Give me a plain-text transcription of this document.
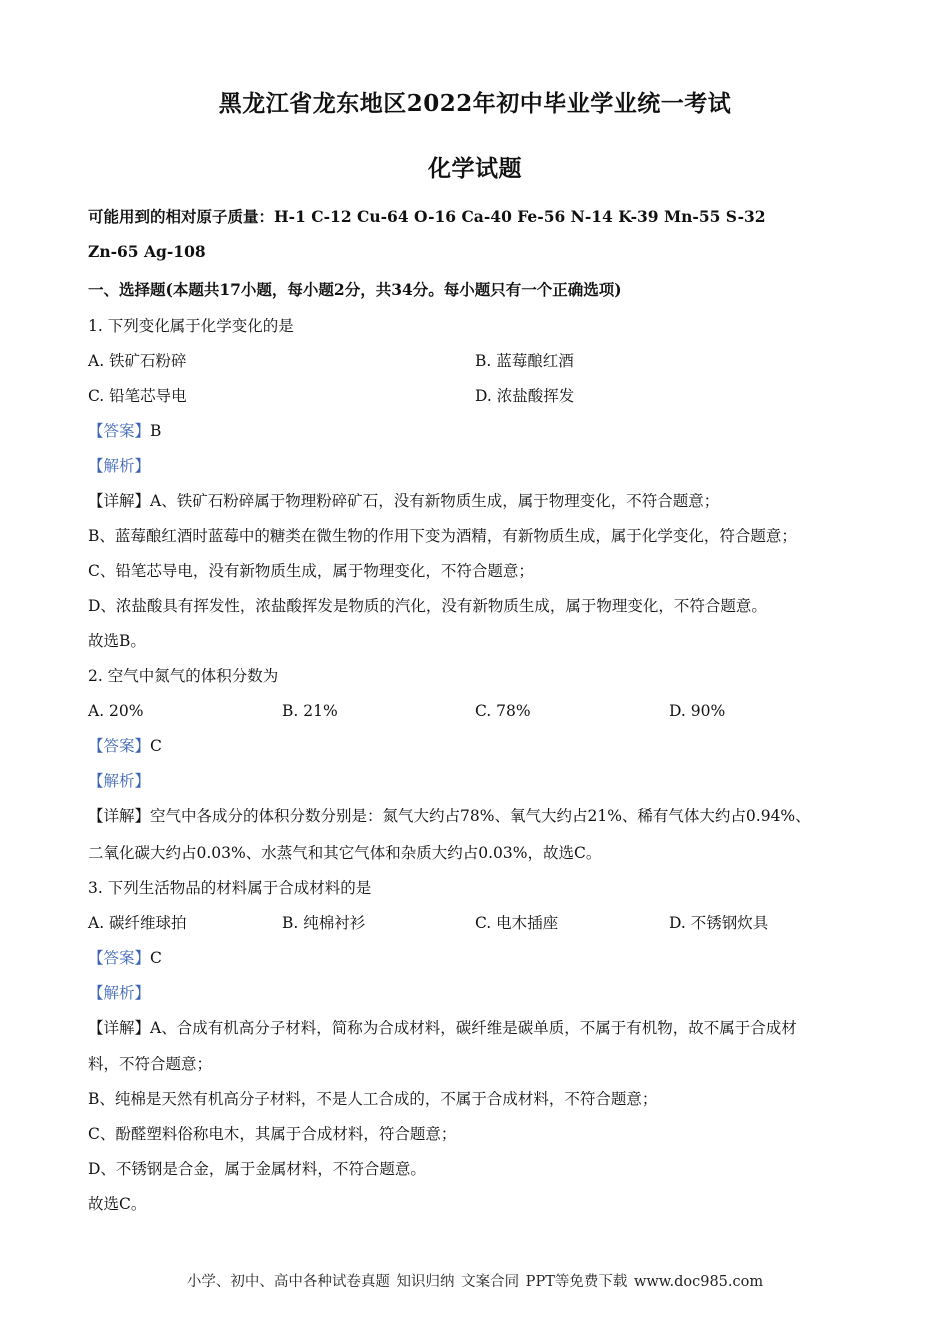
黑龙江省龙东地区2022年初中毕业学业统一考试
化学试题
可能用到的相对原子质量：H-1 C-12 Cu-64 O-16 Ca-40 Fe-56 N-14 K-39 Mn-55 S-32
Zn-65 Ag-108
一、选择题(本题共17小题，每小题2分，共34分。每小题只有一个正确选项)
1. 下列变化属于化学变化的是
A. 铁矿石粉碎	B. 蓝莓酿红酒
C. 铅笔芯导电	D. 浓盐酸挥发
【答案】B
【解析】
【详解】A、铁矿石粉碎属于物理粉碎矿石，没有新物质生成，属于物理变化，不符合题意；
B、蓝莓酿红酒时蓝莓中的糖类在微生物的作用下变为酒精，有新物质生成，属于化学变化，符合题意；
C、铅笔芯导电，没有新物质生成，属于物理变化，不符合题意；
D、浓盐酸具有挥发性，浓盐酸挥发是物质的汽化，没有新物质生成，属于物理变化，不符合题意。
故选B。
2. 空气中氮气的体积分数为
A. 20%	B. 21%	C. 78%	D. 90%
【答案】C
【解析】
【详解】空气中各成分的体积分数分别是：氮气大约占78%、氧气大约占21%、稀有气体大约占0.94%、
二氧化碳大约占0.03%、水蒸气和其它气体和杂质大约占0.03%，故选C。
3. 下列生活物品的材料属于合成材料的是
A. 碳纤维球拍	B. 纯棉衬衫	C. 电木插座	D. 不锈钢炊具
【答案】C
【解析】
【详解】A、合成有机高分子材料，简称为合成材料，碳纤维是碳单质，不属于有机物，故不属于合成材
料，不符合题意；
B、纯棉是天然有机高分子材料，不是人工合成的，不属于合成材料，不符合题意；
C、酚醛塑料俗称电木，其属于合成材料，符合题意；
D、不锈钢是合金，属于金属材料，不符合题意。
故选C。
小学、初中、高中各种试卷真题 知识归纳 文案合同 PPT等免费下载 www.doc985.com
